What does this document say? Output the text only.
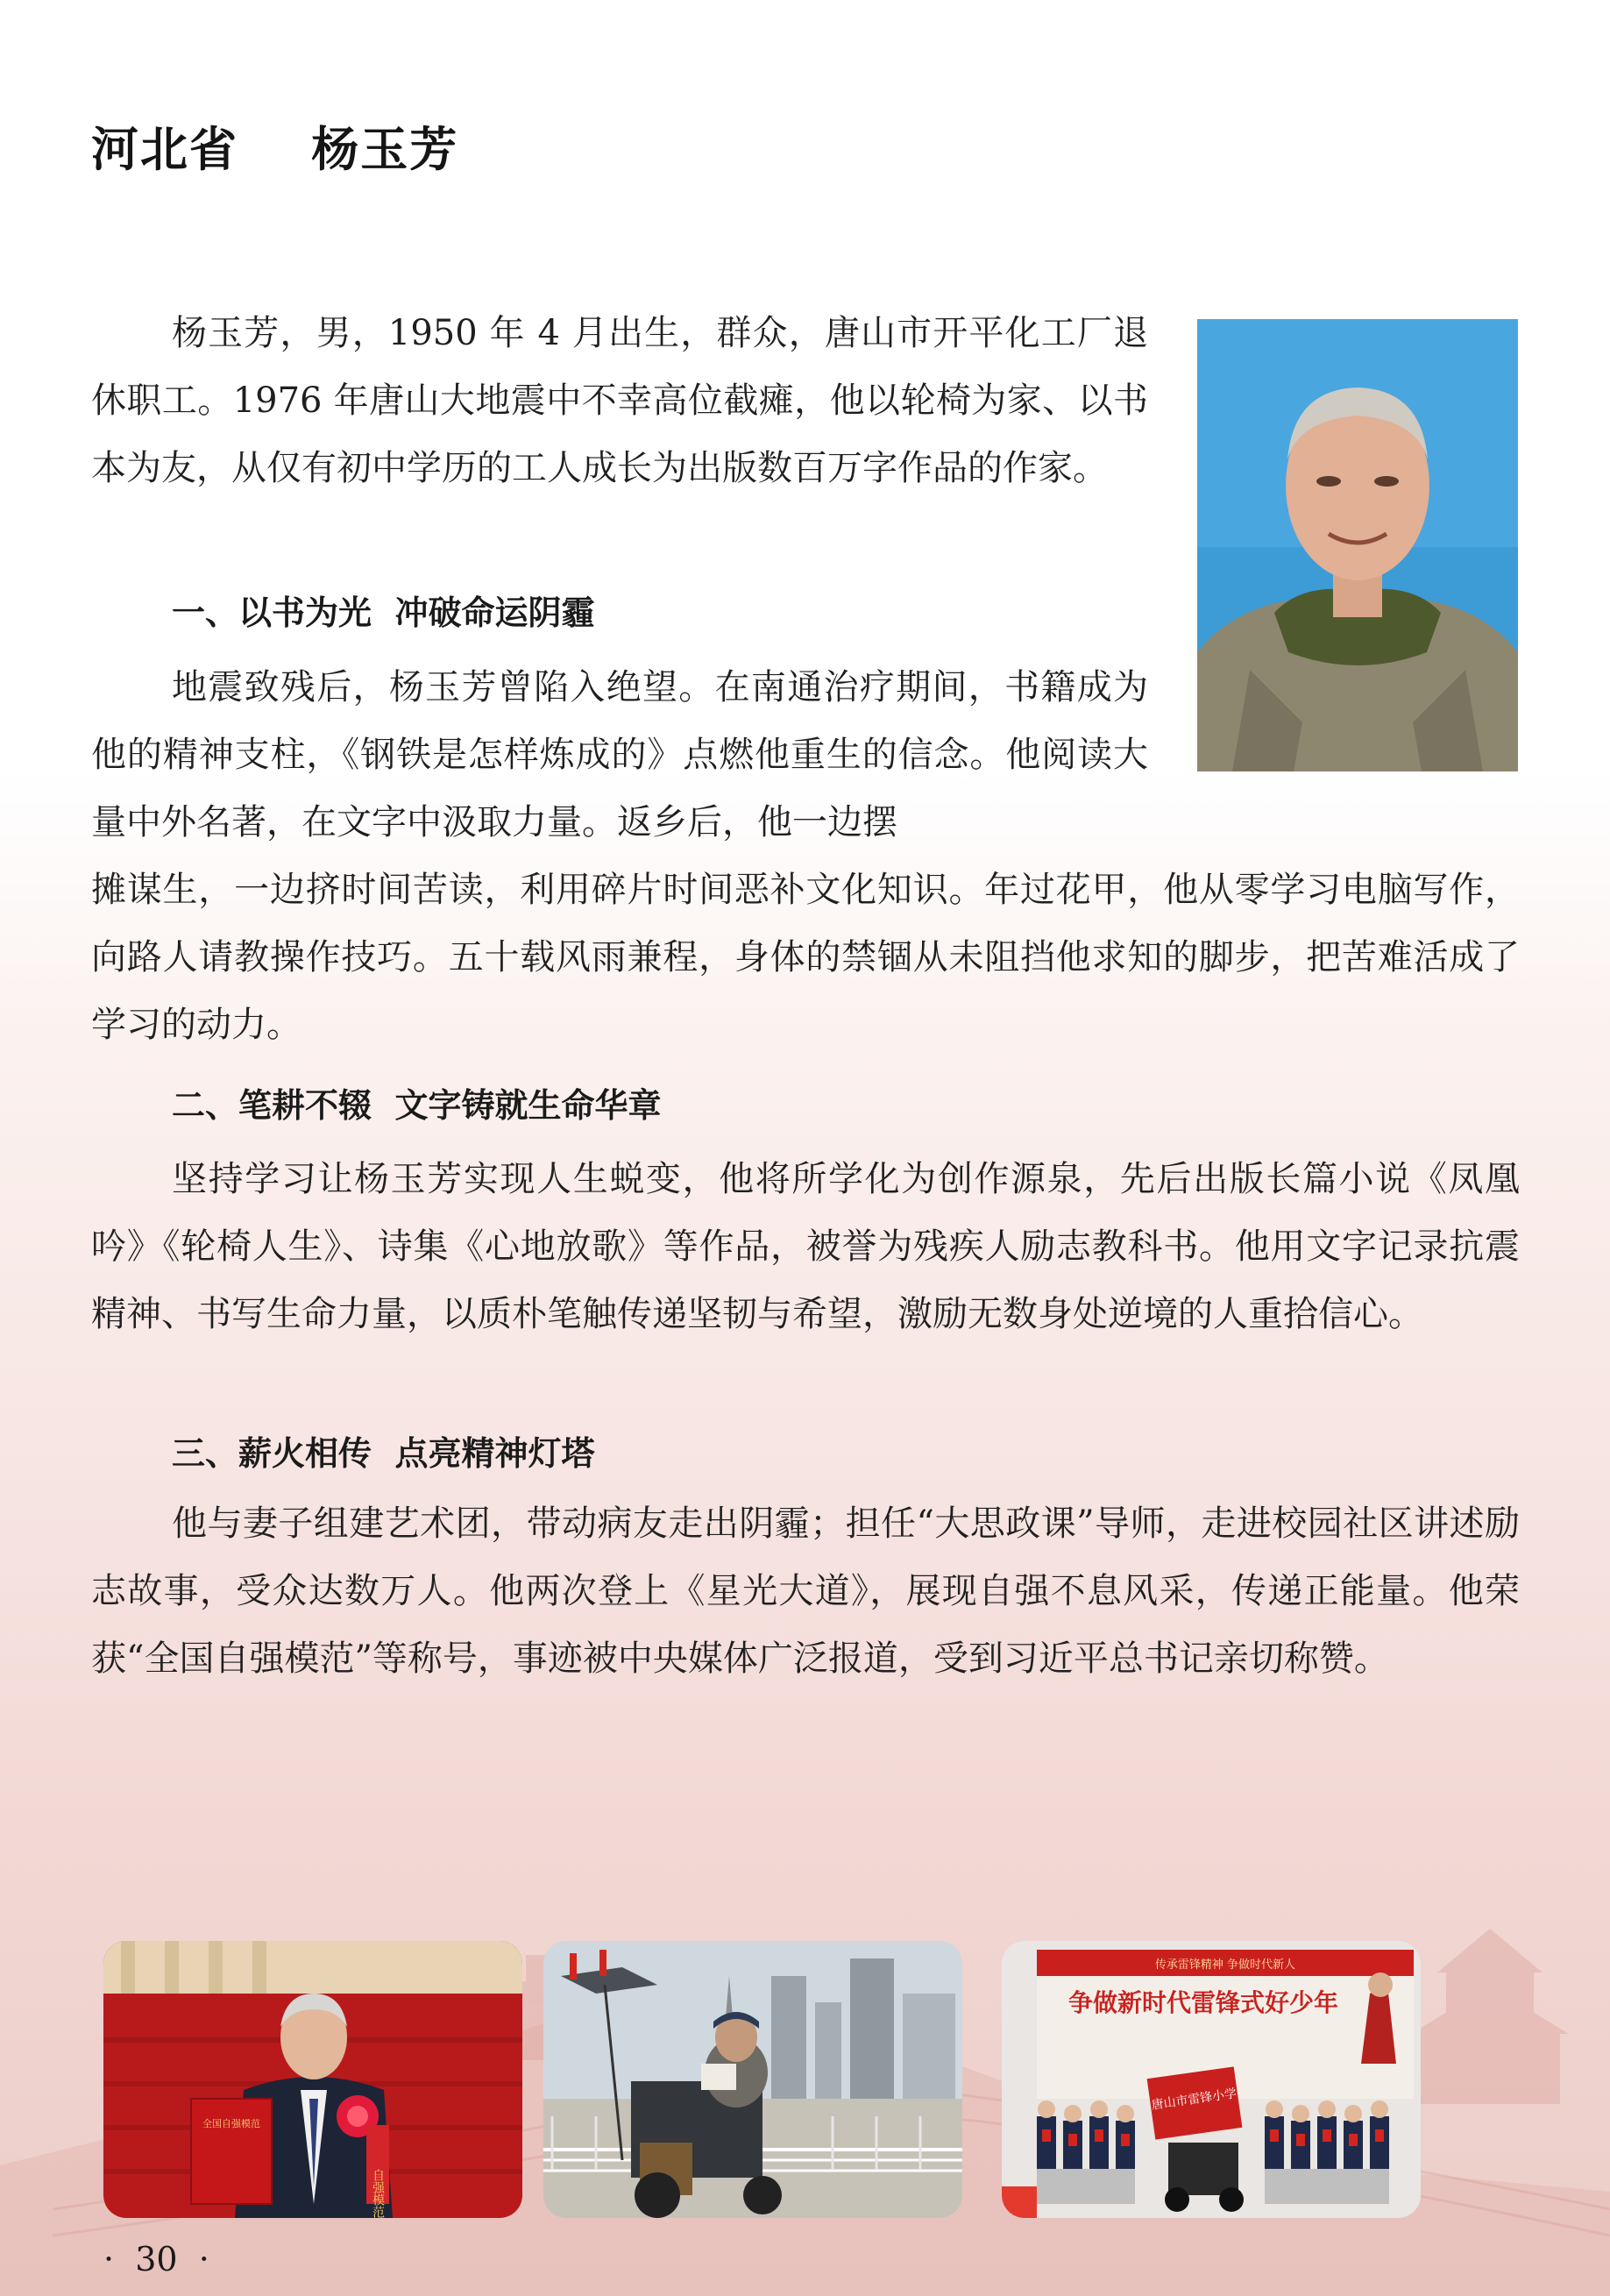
河北省    杨玉芳

杨玉芳，男，1950 年 4 月出生，群众，唐山市开平化工厂退休职工。1976 年唐山大地震中不幸高位截瘫，他以轮椅为家、以书本为友，从仅有初中学历的工人成长为出版数百万字作品的作家。

一、以书为光  冲破命运阴霾

地震致残后，杨玉芳曾陷入绝望。在南通治疗期间，书籍成为他的精神支柱，《钢铁是怎样炼成的》点燃他重生的信念。他阅读大量中外名著，在文字中汲取力量。返乡后，他一边摆

摊谋生，一边挤时间苦读，利用碎片时间恶补文化知识。年过花甲，他从零学习电脑写作，向路人请教操作技巧。五十载风雨兼程，身体的禁锢从未阻挡他求知的脚步，把苦难活成了学习的动力。

二、笔耕不辍  文字铸就生命华章

坚持学习让杨玉芳实现人生蜕变，他将所学化为创作源泉，先后出版长篇小说《凤凰吟》《轮椅人生》、诗集《心地放歌》等作品，被誉为残疾人励志教科书。他用文字记录抗震精神、书写生命力量，以质朴笔触传递坚韧与希望，激励无数身处逆境的人重拾信心。

三、薪火相传  点亮精神灯塔

他与妻子组建艺术团，带动病友走出阴霾；担任“大思政课”导师，走进校园社区讲述励志故事，受众达数万人。他两次登上《星光大道》，展现自强不息风采，传递正能量。他荣获“全国自强模范”等称号，事迹被中央媒体广泛报道，受到习近平总书记亲切称赞。

自强模范
全国自强模范
传承雷锋精神 争做时代新人
争做新时代雷锋式好少年
唐山市雷锋小学
·  30  ·
